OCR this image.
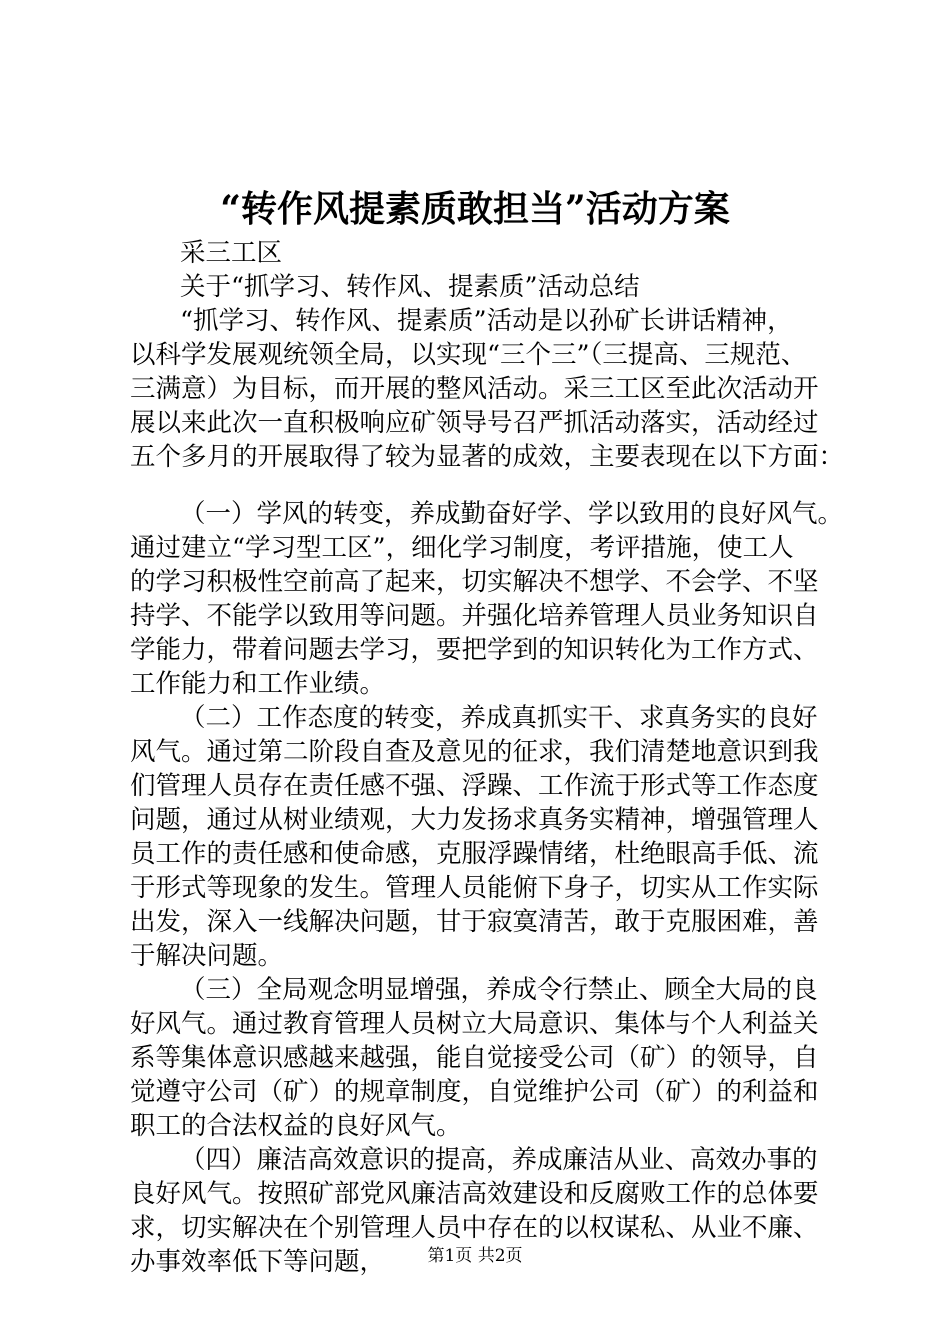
“转作风提素质敢担当”活动方案
采三工区
关于“抓学习、转作风、提素质”活动总结
“抓学习、转作风、提素质”活动是以孙矿长讲话精神，
以科学发展观统领全局，以实现“三个三”（三提高、三规范、
三满意）为目标，而开展的整风活动。采三工区至此次活动开
展以来此次一直积极响应矿领导号召严抓活动落实，活动经过
五个多月的开展取得了较为显著的成效，主要表现在以下方面：
（一）学风的转变，养成勤奋好学、学以致用的良好风气。
通过建立“学习型工区”，细化学习制度，考评措施，使工人
的学习积极性空前高了起来，切实解决不想学、不会学、不坚
持学、不能学以致用等问题。并强化培养管理人员业务知识自
学能力，带着问题去学习，要把学到的知识转化为工作方式、
工作能力和工作业绩。
（二）工作态度的转变，养成真抓实干、求真务实的良好
风气。通过第二阶段自查及意见的征求，我们清楚地意识到我
们管理人员存在责任感不强、浮躁、工作流于形式等工作态度
问题，通过从树业绩观，大力发扬求真务实精神，增强管理人
员工作的责任感和使命感，克服浮躁情绪，杜绝眼高手低、流
于形式等现象的发生。管理人员能俯下身子，切实从工作实际
出发，深入一线解决问题，甘于寂寞清苦，敢于克服困难，善
于解决问题。
（三）全局观念明显增强，养成令行禁止、顾全大局的良
好风气。通过教育管理人员树立大局意识、集体与个人利益关
系等集体意识感越来越强，能自觉接受公司（矿）的领导，自
觉遵守公司（矿）的规章制度，自觉维护公司（矿）的利益和
职工的合法权益的良好风气。
（四）廉洁高效意识的提高，养成廉洁从业、高效办事的
良好风气。按照矿部党风廉洁高效建设和反腐败工作的总体要
求，切实解决在个别管理人员中存在的以权谋私、从业不廉、
办事效率低下等问题，	第1页 共2页
